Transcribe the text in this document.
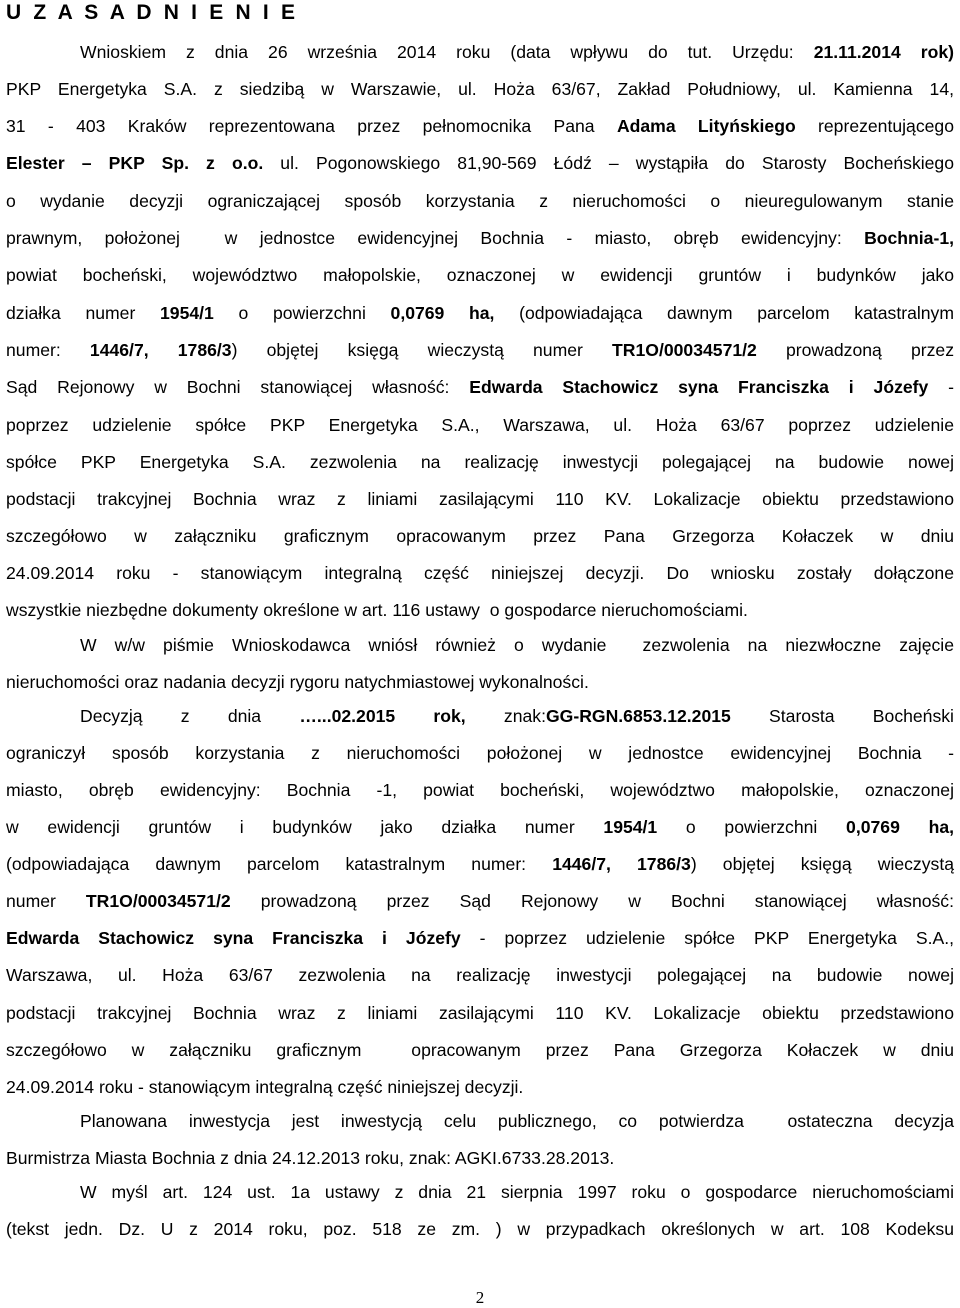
U Z A S A D N I E N I E
Wnioskiem z dnia 26 września 2014 roku (data wpływu do tut. Urzędu: 21.11.2014 rok)
PKP Energetyka S.A. z siedzibą w Warszawie, ul. Hoża 63/67, Zakład Południowy, ul. Kamienna 14,
31 - 403 Kraków reprezentowana przez pełnomocnika Pana Adama Lityńskiego reprezentującego
Elester – PKP Sp. z o.o. ul. Pogonowskiego 81,90-569 Łódź – wystąpiła do Starosty Bocheńskiego
o wydanie decyzji ograniczającej sposób korzystania z nieruchomości o nieuregulowanym stanie
prawnym, położonej  w jednostce ewidencyjnej Bochnia - miasto, obręb ewidencyjny: Bochnia-1,
powiat bocheński, województwo małopolskie, oznaczonej w ewidencji gruntów i budynków jako
działka numer 1954/1 o powierzchni 0,0769 ha, (odpowiadająca dawnym parcelom katastralnym
numer: 1446/7, 1786/3) objętej księgą wieczystą numer TR1O/00034571/2 prowadzoną przez
Sąd Rejonowy w Bochni stanowiącej własność: Edwarda Stachowicz syna Franciszka i Józefy -
poprzez udzielenie spółce PKP Energetyka S.A., Warszawa, ul. Hoża 63/67 poprzez udzielenie
spółce PKP Energetyka S.A. zezwolenia na realizację inwestycji polegającej na budowie nowej
podstacji trakcyjnej Bochnia wraz z liniami zasilającymi 110 KV. Lokalizacje obiektu przedstawiono
szczegółowo w załączniku graficznym opracowanym przez Pana Grzegorza Kołaczek w dniu
24.09.2014 roku - stanowiącym integralną część niniejszej decyzji. Do wniosku zostały dołączone
wszystkie niezbędne dokumenty określone w art. 116 ustawy  o gospodarce nieruchomościami.
W w/w piśmie Wnioskodawca wniósł również o wydanie  zezwolenia na niezwłoczne zajęcie
nieruchomości oraz nadania decyzji rygoru natychmiastowej wykonalności.
Decyzją z dnia …...02.2015 rok, znak:GG-RGN.6853.12.2015 Starosta Bocheński
ograniczył sposób korzystania z nieruchomości położonej w jednostce ewidencyjnej Bochnia -
miasto, obręb ewidencyjny: Bochnia -1, powiat bocheński, województwo małopolskie, oznaczonej
w ewidencji gruntów i budynków jako działka numer 1954/1 o powierzchni 0,0769 ha,
(odpowiadająca dawnym parcelom katastralnym numer: 1446/7, 1786/3) objętej księgą wieczystą
numer TR1O/00034571/2 prowadzoną przez Sąd Rejonowy w Bochni stanowiącej własność:
Edwarda Stachowicz syna Franciszka i Józefy - poprzez udzielenie spółce PKP Energetyka S.A.,
Warszawa, ul. Hoża 63/67 zezwolenia na realizację inwestycji polegającej na budowie nowej
podstacji trakcyjnej Bochnia wraz z liniami zasilającymi 110 KV. Lokalizacje obiektu przedstawiono
szczegółowo w załączniku graficznym  opracowanym przez Pana Grzegorza Kołaczek w dniu
24.09.2014 roku - stanowiącym integralną część niniejszej decyzji.
Planowana inwestycja jest inwestycją celu publicznego, co potwierdza  ostateczna decyzja
Burmistrza Miasta Bochnia z dnia 24.12.2013 roku, znak: AGKI.6733.28.2013.
W myśl art. 124 ust. 1a ustawy z dnia 21 sierpnia 1997 roku o gospodarce nieruchomościami
(tekst jedn. Dz. U z 2014 roku, poz. 518 ze zm. ) w przypadkach określonych w art. 108 Kodeksu
2
